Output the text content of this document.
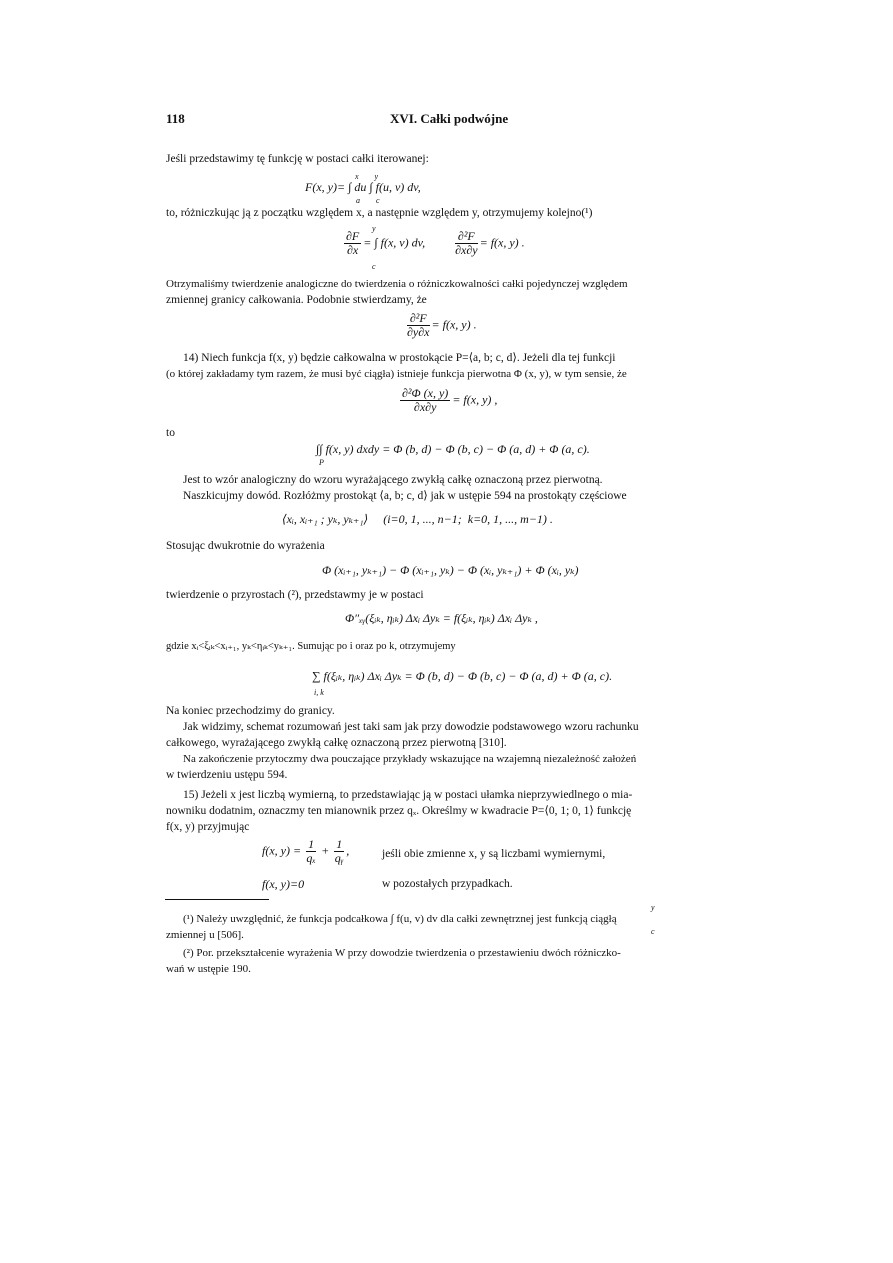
118	XVI. Całki podwójne
Jeśli przedstawimy tę funkcję w postaci całki iterowanej:
x        y
F(x, y)= ∫ du ∫ f(u, v) dv,
a        c
to, różniczkując ją z początku względem x, a następnie względem y, otrzymujemy kolejno(¹)
y
$\frac{\partial F}{\partial x}$ = ∫ f(x, v) dv,	$\frac{\text{∂²F}}{\partial x\partial y} = f(x$, y) .
c
Otrzymaliśmy twierdzenie analogiczne do twierdzenia o różniczkowalności całki pojedynczej względem
zmiennej granicy całkowania. Podobnie stwierdzamy, że
$\frac{\text{∂²F}}{\partial y\partial x} = f(x$, y) .
14) Niech funkcja f(x, y) będzie całkowalna w prostokącie P=⟨a, b; c, d⟩. Jeżeli dla tej funkcji
(o której zakładamy tym razem, że musi być ciągła) istnieje funkcja pierwotna Φ (x, y), w tym sensie, że
$\frac{\text{∂²Φ (x, y)}}{\partial x\partial y} = f(x$, y) ,
to
∫∫ f(x, y) dxdy = Φ (b, d) − Φ (b, c) − Φ (a, d) + Φ (a, c).
P
Jest to wzór analogiczny do wzoru wyrażającego zwykłą całkę oznaczoną przez pierwotną.
Naszkicujmy dowód. Rozłóżmy prostokąt ⟨a, b; c, d⟩ jak w ustępie 594 na prostokąty częściowe
⟨xᵢ, xᵢ₊₁ ; yₖ, yₖ₊₁⟩     (i=0, 1, ..., n−1;  k=0, 1, ..., m−1) .
Stosując dwukrotnie do wyrażenia
Φ (xᵢ₊₁, yₖ₊₁) − Φ (xᵢ₊₁, yₖ) − Φ (xᵢ, yₖ₊₁) + Φ (xᵢ, yₖ)
twierdzenie o przyrostach (²), przedstawmy je w postaci
Φ″ₓᵧ(ξᵢₖ, ηᵢₖ) Δxᵢ Δyₖ = f(ξᵢₖ, ηᵢₖ) Δxᵢ Δyₖ ,
gdzie xᵢ<ξᵢₖ<xᵢ₊₁, yₖ<ηᵢₖ<yₖ₊₁. Sumując po i oraz po k, otrzymujemy
∑ f(ξᵢₖ, ηᵢₖ) Δxᵢ Δyₖ = Φ (b, d) − Φ (b, c) − Φ (a, d) + Φ (a, c).
i, k
Na koniec przechodzimy do granicy.
Jak widzimy, schemat rozumowań jest taki sam jak przy dowodzie podstawowego wzoru rachunku
całkowego, wyrażającego zwykłą całkę oznaczoną przez pierwotną [310].
Na zakończenie przytoczmy dwa pouczające przykłady wskazujące na wzajemną niezależność założeń
w twierdzeniu ustępu 594.
15) Jeżeli x jest liczbą wymierną, to przedstawiając ją w postaci ułamka nieprzywiedlnego o mia-
nowniku dodatnim, oznaczmy ten mianownik przez qₓ. Określmy w kwadracie P=⟨0, 1; 0, 1⟩ funkcję
f(x, y) przyjmując
f(x, $y) = \frac{1}{\text{qₓ}} + \frac{1}{\text{qᵧ}}$ ,	jeśli obie zmienne x, y są liczbami wymiernymi,
f(x, y)=0	w pozostałych przypadkach.
y
(¹) Należy uwzględnić, że funkcja podcałkowa ∫ f(u, v) dv dla całki zewnętrznej jest funkcją ciągłą
c
zmiennej u [506].
(²) Por. przekształcenie wyrażenia W przy dowodzie twierdzenia o przestawieniu dwóch różniczko-
wań w ustępie 190.
